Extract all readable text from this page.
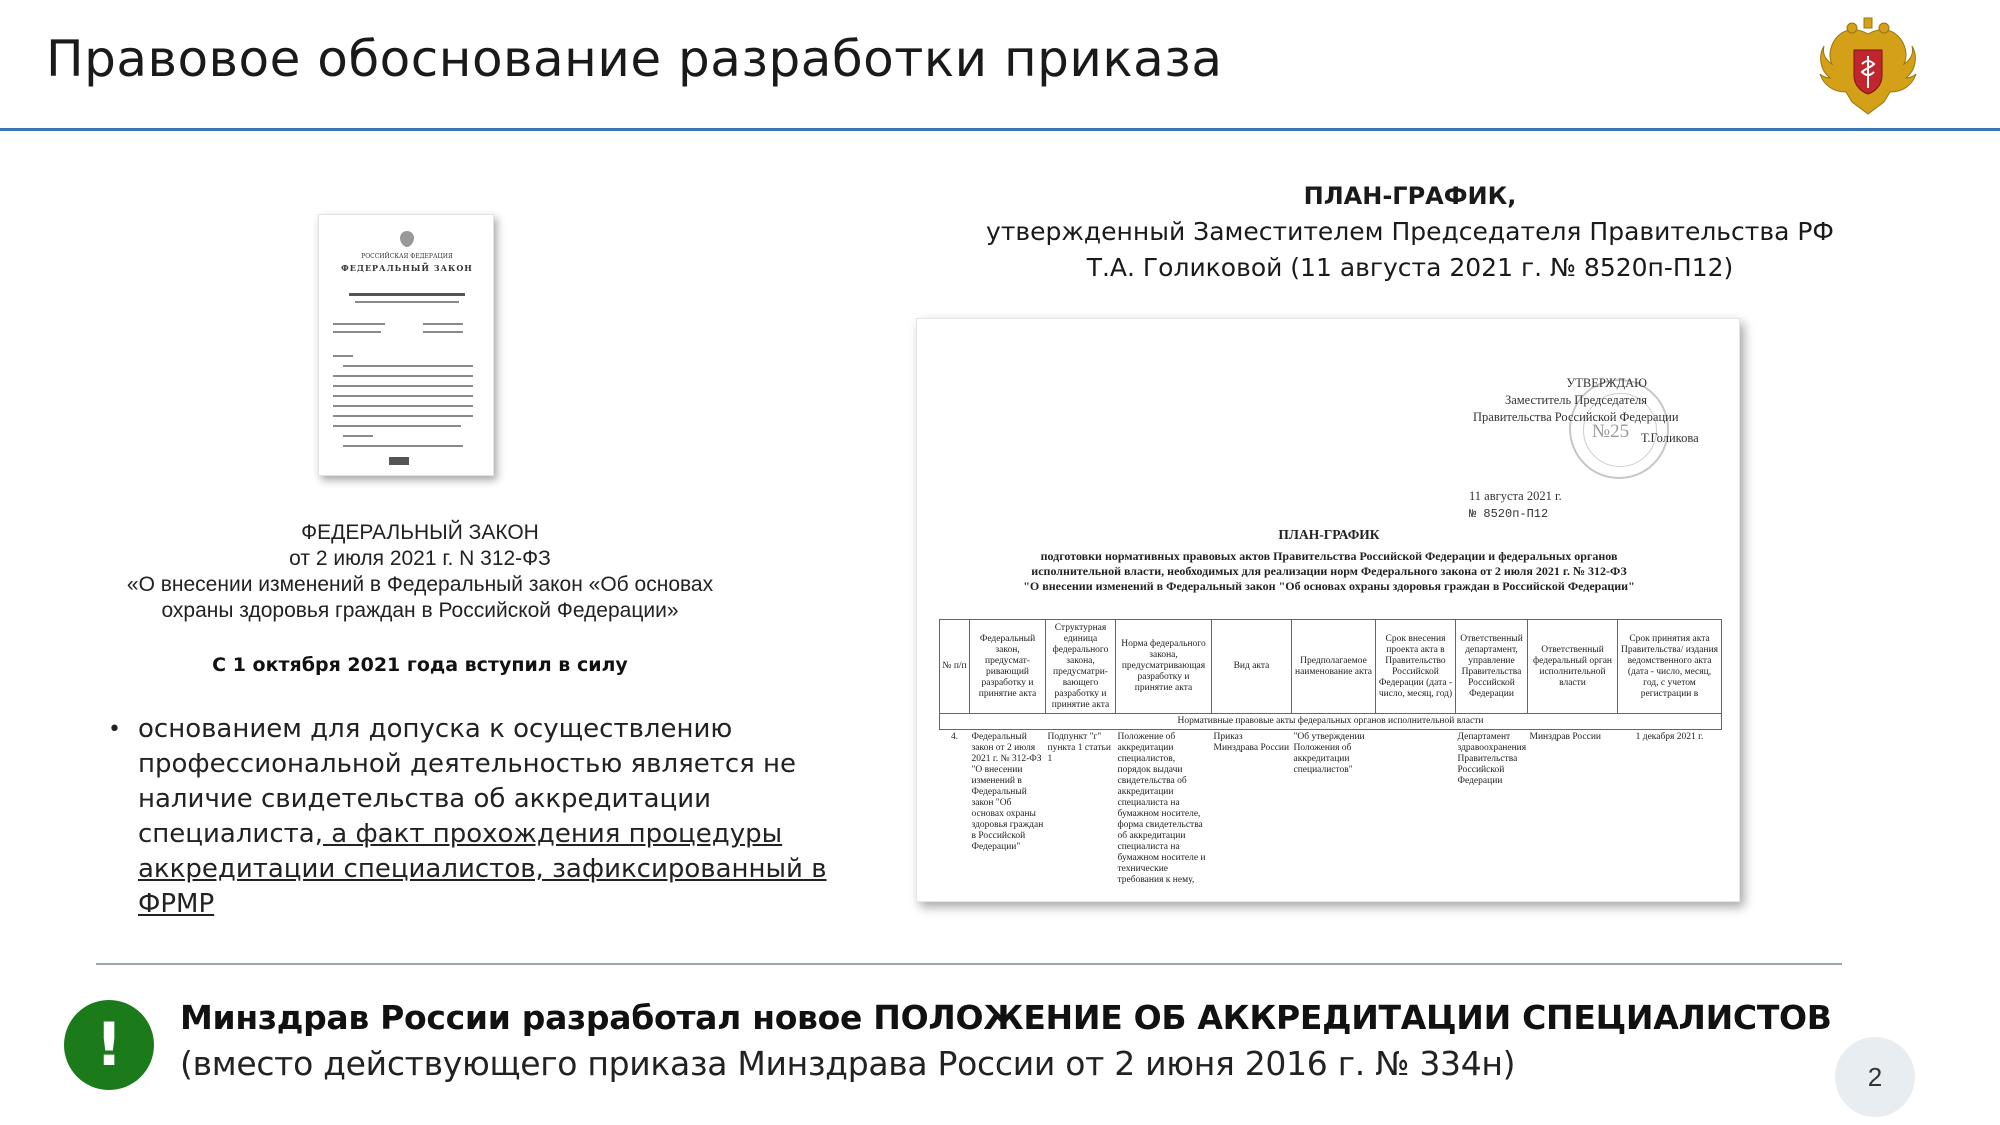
Правовое обоснование разработки приказа
РОССИЙСКАЯ ФЕДЕРАЦИЯ
ФЕДЕРАЛЬНЫЙ ЗАКОН
ФЕДЕРАЛЬНЫЙ ЗАКОН
от 2 июля 2021 г. N 312-ФЗ
«О внесении изменений в Федеральный закон «Об основах
охраны здоровья граждан в Российской Федерации»
С 1 октября 2021 года вступил в силу
• основанием для допуска к осуществлению профессиональной деятельностью является не наличие свидетельства об аккредитации специалиста, а факт прохождения процедуры аккредитации специалистов, зафиксированный в ФРМР
ПЛАН-ГРАФИК,
утвержденный Заместителем Председателя Правительства РФ
Т.А. Голиковой (11 августа 2021 г. № 8520п-П12)
№25
УТВЕРЖДАЮ
Заместитель Председателя
Правительства Российской Федерации
Т.Голикова
11 августа 2021 г.
№ 8520п-П12
ПЛАН-ГРАФИК
подготовки нормативных правовых актов Правительства Российской Федерации и федеральных органов
исполнительной власти, необходимых для реализации норм Федерального закона от 2 июля 2021 г. № 312-ФЗ
"О внесении изменений в Федеральный закон "Об основах охраны здоровья граждан в Российской Федерации"
№ п/п	Федеральный закон, предусмат-ривающий разработку и принятие акта	Структурная единица федерального закона, предусматри-вающего разработку и принятие акта	Норма федерального закона, предусматривающая разработку и принятие акта	Вид акта	Предполагаемое наименование акта	Срок внесения проекта акта в Правительство Российской Федерации (дата - число, месяц, год)	Ответственный департамент, управление Правительства Российской Федерации	Ответственный федеральный орган исполнительной власти	Срок принятия акта Правительства/ издания ведомственного акта (дата - число, месяц, год, с учетом регистрации в
Нормативные правовые акты федеральных органов исполнительной власти									
4.	Федеральный закон от 2 июля 2021 г. № 312-ФЗ "О внесении изменений в Федеральный закон "Об основах охраны здоровья граждан в Российской Федерации"	Подпункт "г" пункта 1 статьи 1	Положение об аккредитации специалистов, порядок выдачи свидетельства об аккредитации специалиста на бумажном носителе, форма свидетельства об аккредитации специалиста на бумажном носителе и технические требования к нему,	Приказ Минздрава России	"Об утверждении Положения об аккредитации специалистов"		Департамент здравоохранения Правительства Российской Федерации	Минздрав России	1 декабря 2021 г.
!	Минздрав России разработал новое ПОЛОЖЕНИЕ ОБ АККРЕДИТАЦИИ СПЕЦИАЛИСТОВ
(вместо действующего приказа Минздрава России от 2 июня 2016 г. № 334н)	2
